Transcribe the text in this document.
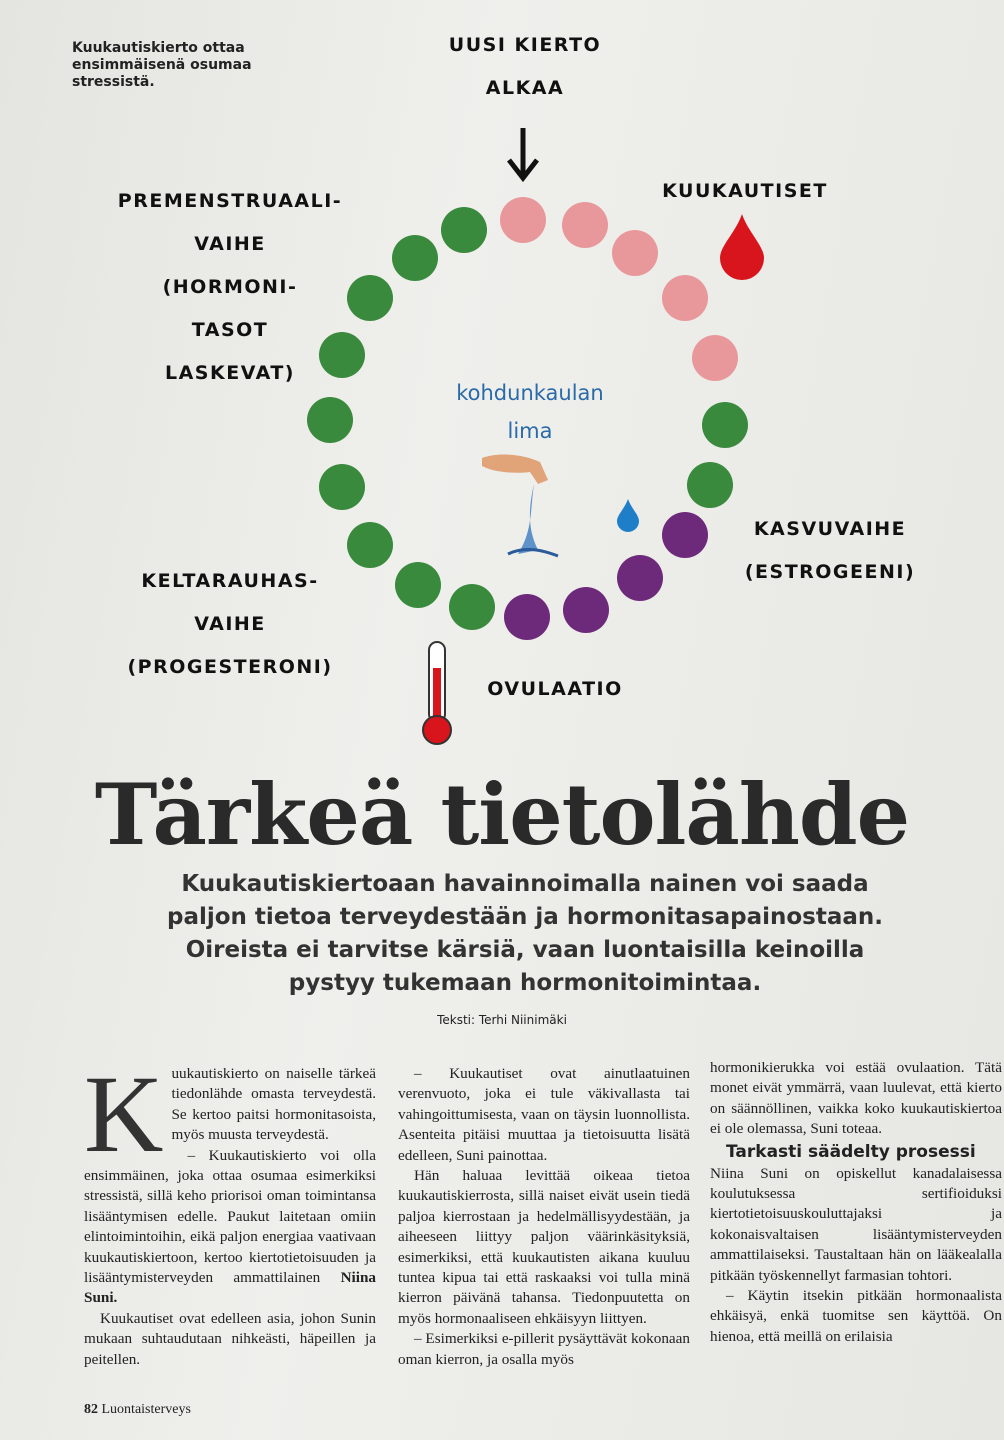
Kuukautiskierto ottaa ensimmäisenä osumaa stressistä.
UUSI KIERTO
ALKAA
KUUKAUTISET
PREMENSTRUAALI-
VAIHE
(HORMONI-
TASOT
LASKEVAT)
KASVUVAIHE
(ESTROGEENI)
KELTARAUHAS-
VAIHE
(PROGESTERONI)
OVULAATIO
kohdunkaulan
lima
Tärkeä tietolähde
Kuukautiskiertoaan havainnoimalla nainen voi saada paljon tietoa terveydestään ja hormonitasapainostaan. Oireista ei tarvitse kärsiä, vaan luontaisilla keinoilla pystyy tukemaan hormonitoimintaa.
Teksti: Terhi Niinimäki
K uukautiskierto on naiselle tärkeä tiedonlähde omasta terveydestä. Se kertoo paitsi hormonitasoista, myös muusta terveydestä.

– Kuukautiskierto voi olla ensimmäinen, joka ottaa osumaa esimerkiksi stressistä, sillä keho priorisoi oman toimintansa lisääntymisen edelle. Paukut laitetaan omiin elintoimintoihin, eikä paljon energiaa vaativaan kuukautiskiertoon, kertoo kiertotietoisuuden ja lisääntymisterveyden ammattilainen Niina Suni.

Kuukautiset ovat edelleen asia, johon Sunin mukaan suhtaudutaan nihkeästi, häpeillen ja peitellen.

– Kuukautiset ovat ainutlaatuinen verenvuoto, joka ei tule väkivallasta tai vahingoittumisesta, vaan on täysin luonnollista. Asenteita pitäisi muuttaa ja tietoisuutta lisätä edelleen, Suni painottaa.

Hän haluaa levittää oikeaa tietoa kuukautiskierrosta, sillä naiset eivät usein tiedä paljoa kierrostaan ja hedelmällisyydestään, ja aiheeseen liittyy paljon väärinkäsityksiä, esimerkiksi, että kuukautisten aikana kuuluu tuntea kipua tai että raskaaksi voi tulla minä kierron päivänä tahansa. Tiedonpuutetta on myös hormonaaliseen ehkäisyyn liittyen.

– Esimerkiksi e-pillerit pysäyttävät kokonaan oman kierron, ja osalla myös

hormonikierukka voi estää ovulaation. Tätä monet eivät ymmärrä, vaan luulevat, että kierto on säännöllinen, vaikka koko kuukautiskiertoa ei ole olemassa, Suni toteaa.

Tarkasti säädelty prosessi

Niina Suni on opiskellut kanadalaisessa koulutuksessa sertifioiduksi kiertotietoisuuskouluttajaksi ja kokonaisvaltaisen lisääntymisterveyden ammattilaiseksi. Taustaltaan hän on lääkealalla pitkään työskennellyt farmasian tohtori.

– Käytin itsekin pitkään hormonaalista ehkäisyä, enkä tuomitse sen käyttöä. On hienoa, että meillä on erilaisia

82 Luontaisterveys
